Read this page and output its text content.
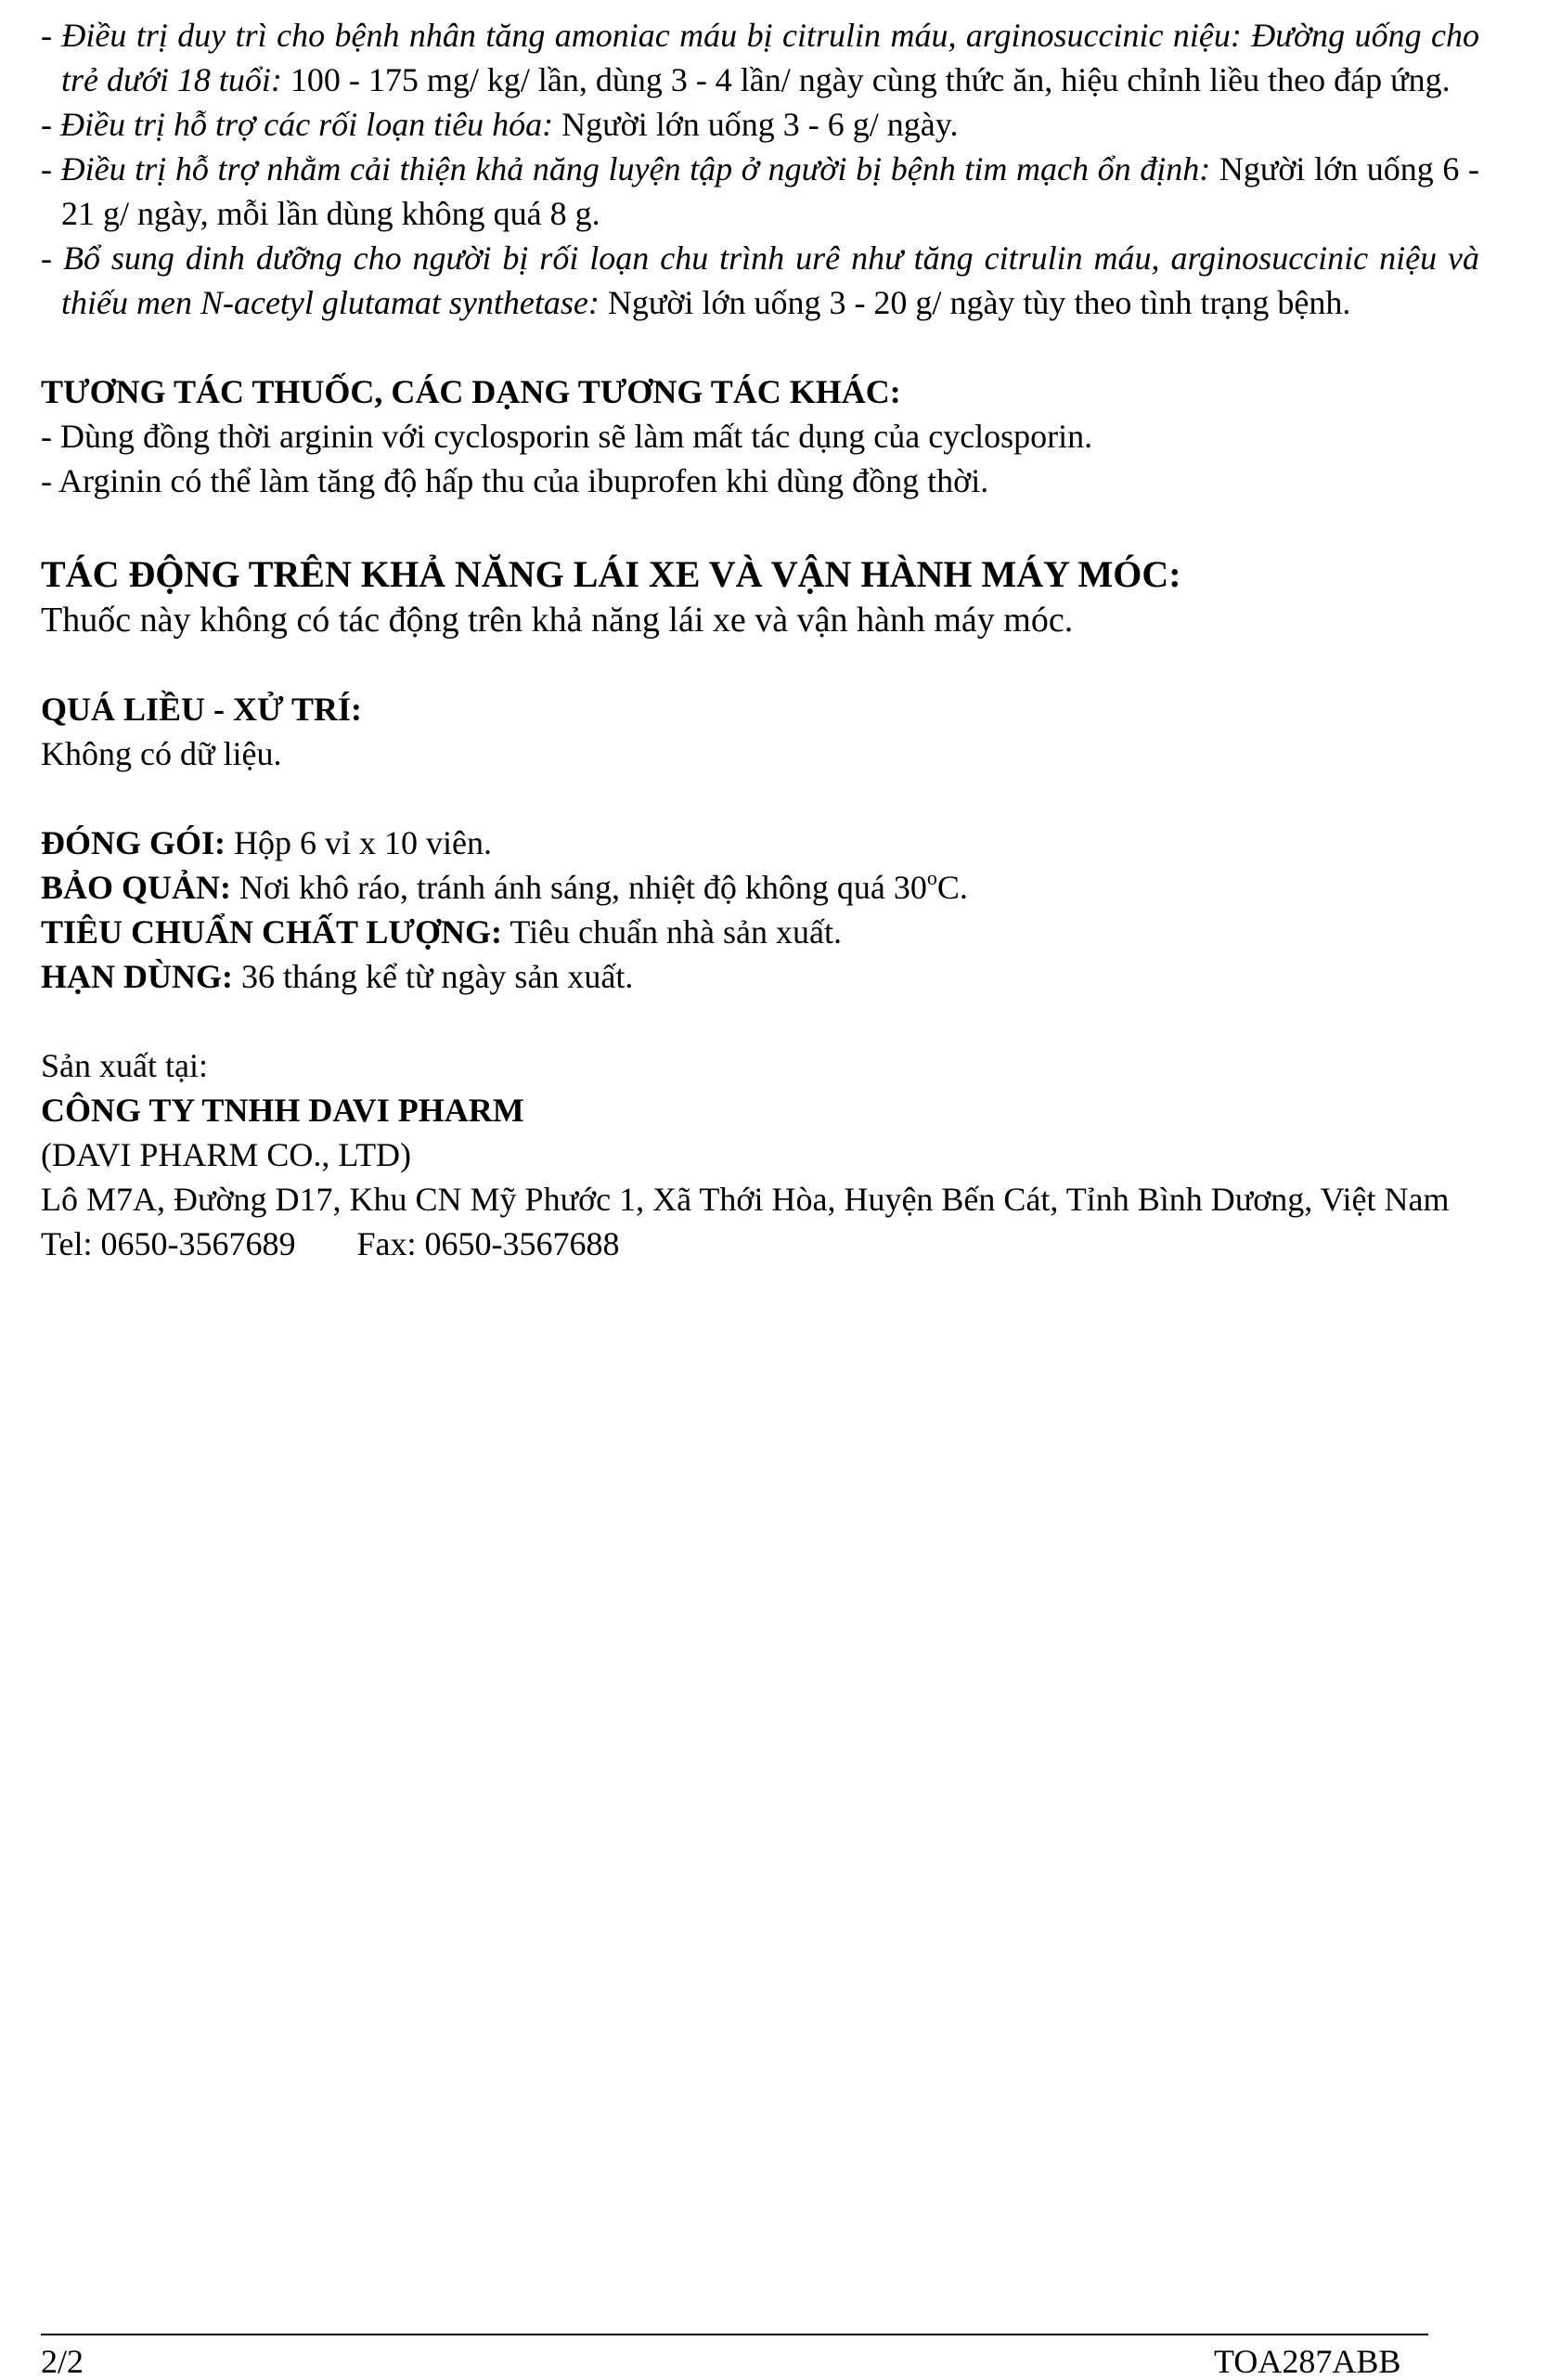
- Điều trị duy trì cho bệnh nhân tăng amoniac máu bị citrulin máu, arginosuccinic niệu: Đường uống cho trẻ dưới 18 tuổi: 100 - 175 mg/ kg/ lần, dùng 3 - 4 lần/ ngày cùng thức ăn, hiệu chỉnh liều theo đáp ứng.
- Điều trị hỗ trợ các rối loạn tiêu hóa: Người lớn uống 3 - 6 g/ ngày.
- Điều trị hỗ trợ nhằm cải thiện khả năng luyện tập ở người bị bệnh tim mạch ổn định: Người lớn uống 6 - 21 g/ ngày, mỗi lần dùng không quá 8 g.
- Bổ sung dinh dưỡng cho người bị rối loạn chu trình urê như tăng citrulin máu, arginosuccinic niệu và thiếu men N-acetyl glutamat synthetase: Người lớn uống 3 - 20 g/ ngày tùy theo tình trạng bệnh.
TƯƠNG TÁC THUỐC, CÁC DẠNG TƯƠNG TÁC KHÁC:
- Dùng đồng thời arginin với cyclosporin sẽ làm mất tác dụng của cyclosporin.
- Arginin có thể làm tăng độ hấp thu của ibuprofen khi dùng đồng thời.
TÁC ĐỘNG TRÊN KHẢ NĂNG LÁI XE VÀ VẬN HÀNH MÁY MÓC:
Thuốc này không có tác động trên khả năng lái xe và vận hành máy móc.
QUÁ LIỀU - XỬ TRÍ:
Không có dữ liệu.
ĐÓNG GÓI: Hộp 6 vỉ x 10 viên.
BẢO QUẢN: Nơi khô ráo, tránh ánh sáng, nhiệt độ không quá 30$^o$C.
TIÊU CHUẨN CHẤT LƯỢNG: Tiêu chuẩn nhà sản xuất.
HẠN DÙNG: 36 tháng kể từ ngày sản xuất.
Sản xuất tại:
CÔNG TY TNHH DAVI PHARM
(DAVI PHARM CO., LTD)
Lô M7A, Đường D17, Khu CN Mỹ Phước 1, Xã Thới Hòa, Huyện Bến Cát, Tỉnh Bình Dương, Việt Nam
Tel: 0650-3567689 Fax: 0650-3567688
2/2	TOA287ABB
